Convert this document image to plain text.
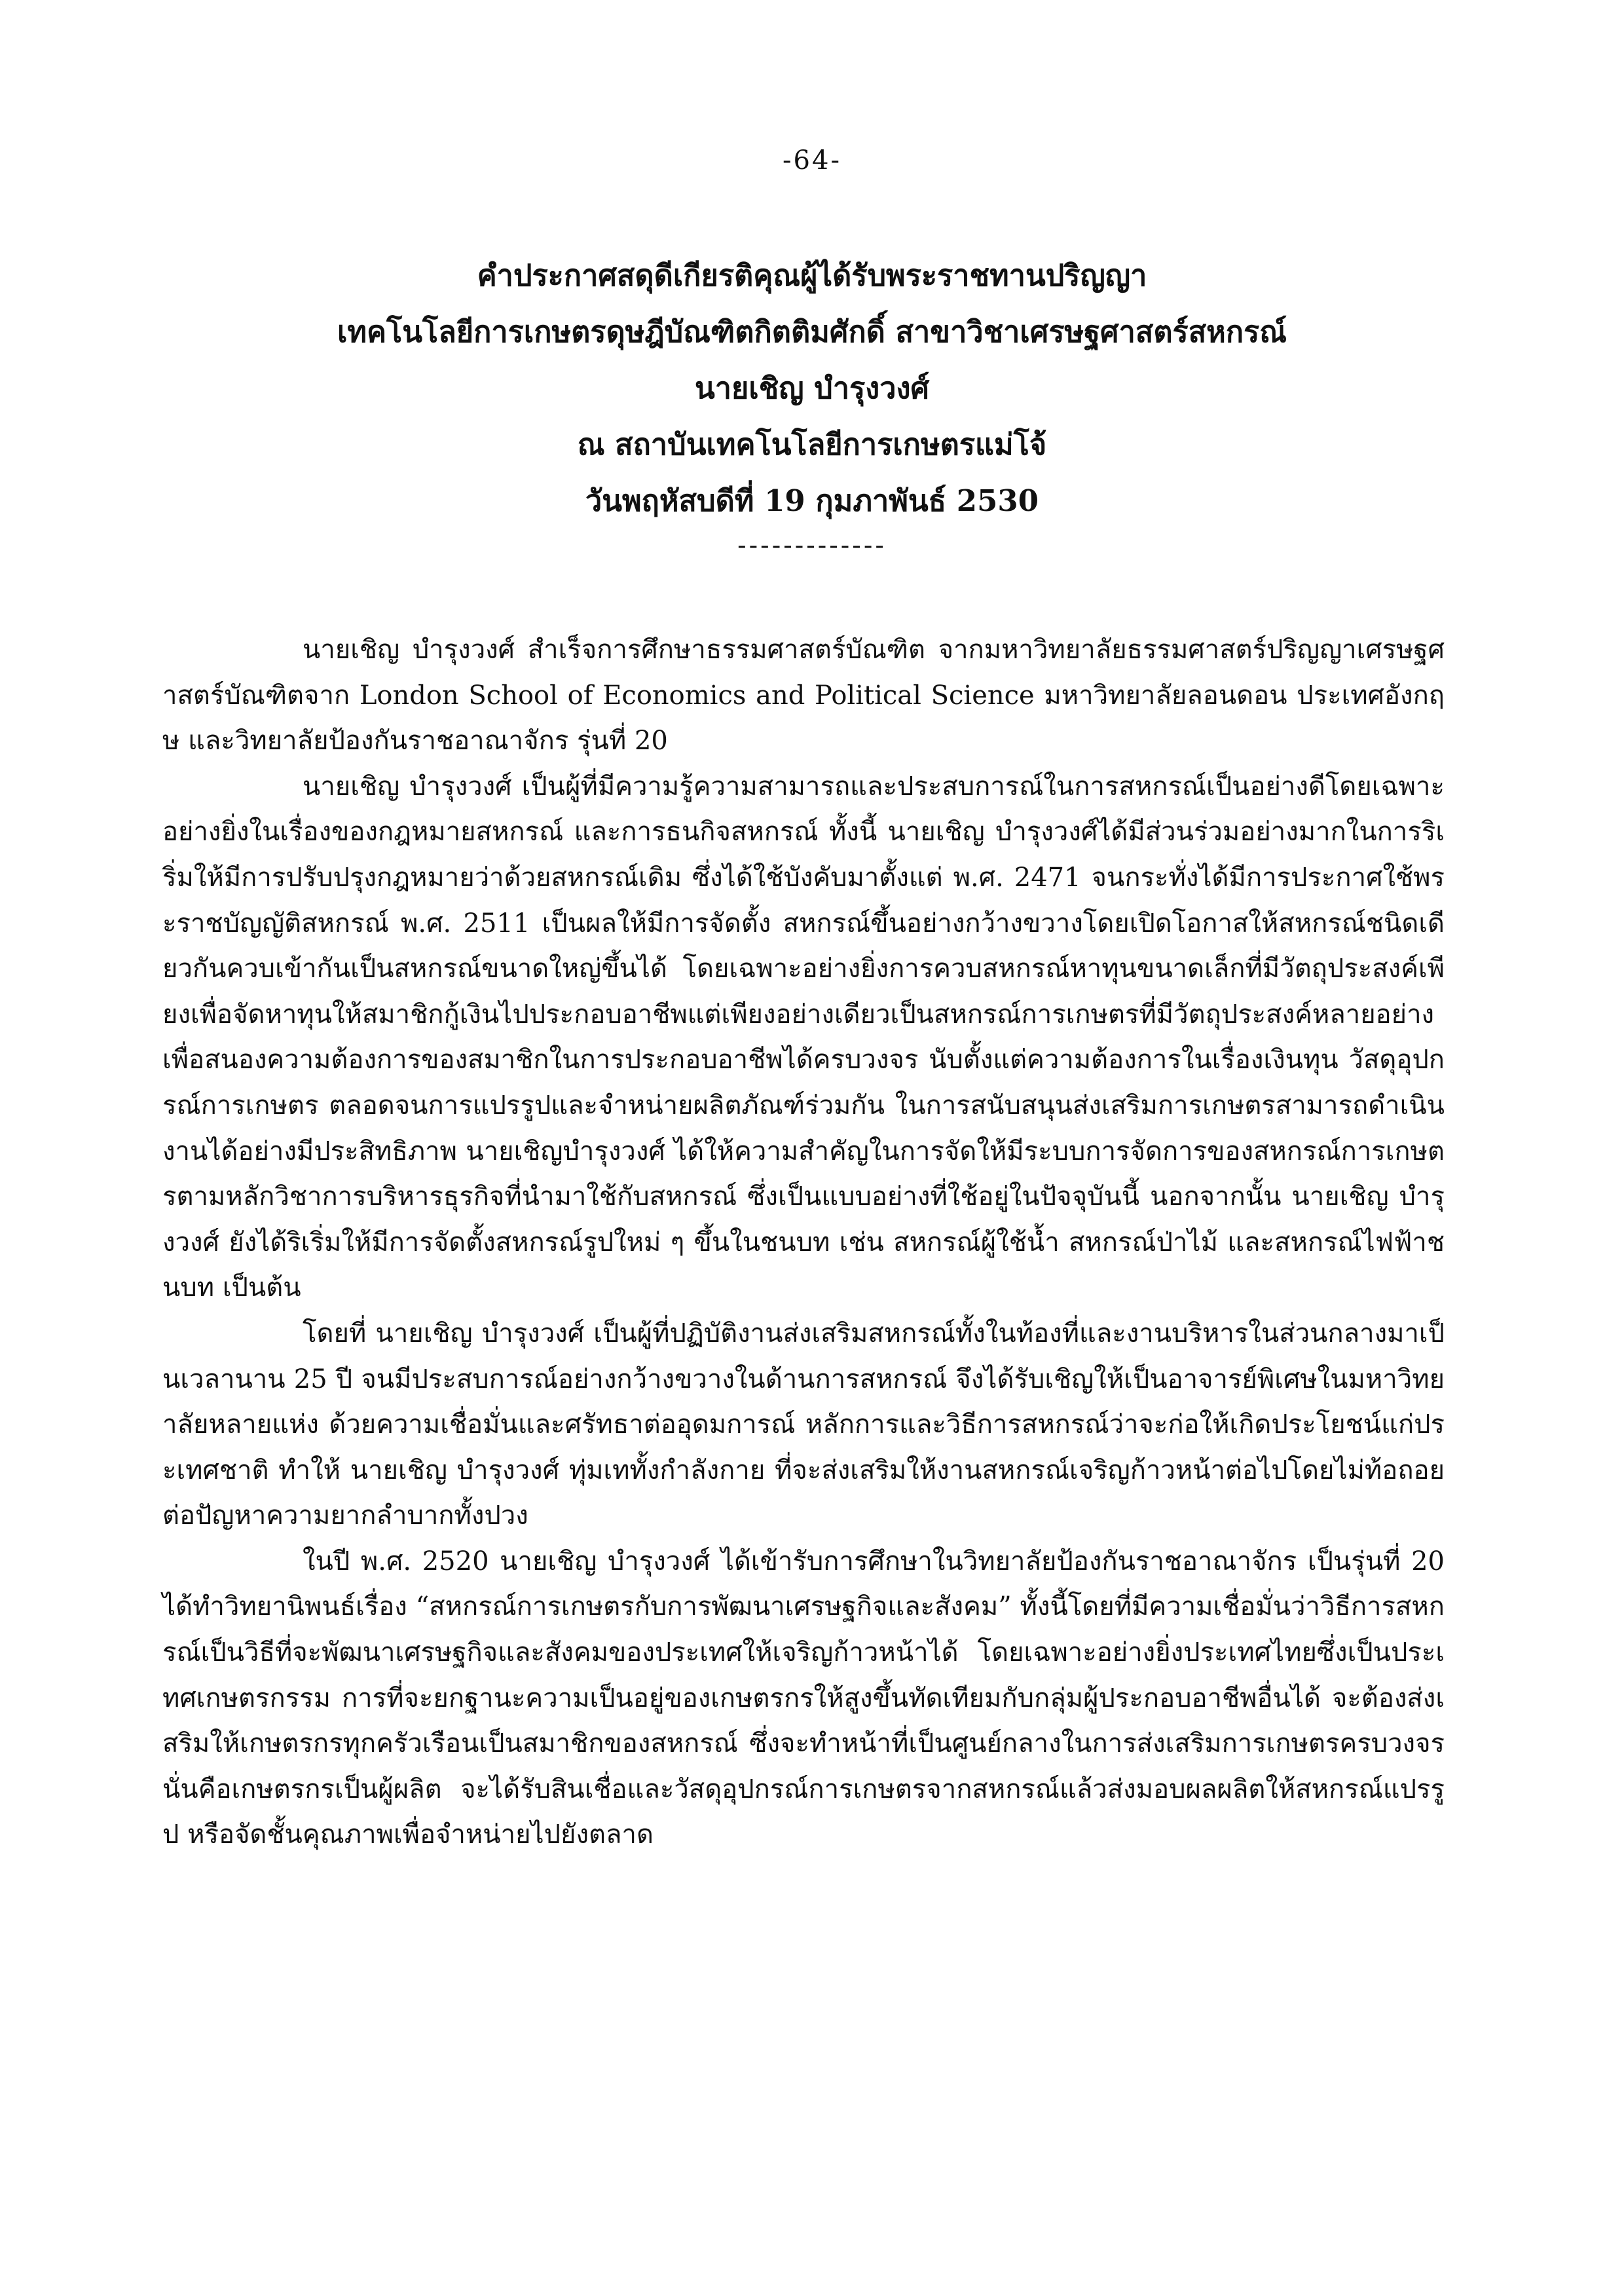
-64-
คำประกาศสดุดีเกียรติคุณผู้ได้รับพระราชทานปริญญา
เทคโนโลยีการเกษตรดุษฎีบัณฑิตกิตติมศักดิ์ สาขาวิชาเศรษฐศาสตร์สหกรณ์
นายเชิญ บำรุงวงศ์
ณ สถาบันเทคโนโลยีการเกษตรแม่โจ้
วันพฤหัสบดีที่ 19 กุมภาพันธ์ 2530
-------------

นายเชิญ บำรุงวงศ์ สำเร็จการศึกษาธรรมศาสตร์บัณฑิต จากมหาวิทยาลัยธรรมศาสตร์ปริญญาเศรษฐศาสตร์บัณฑิตจาก London School of Economics and Political Science มหาวิทยาลัยลอนดอน ประเทศอังกฤษ และวิทยาลัยป้องกันราชอาณาจักร รุ่นที่ 20

นายเชิญ บำรุงวงศ์ เป็นผู้ที่มีความรู้ความสามารถและประสบการณ์ในการสหกรณ์เป็นอย่างดีโดยเฉพาะอย่างยิ่งในเรื่องของกฎหมายสหกรณ์ และการธนกิจสหกรณ์ ทั้งนี้ นายเชิญ บำรุงวงศ์ได้มีส่วนร่วมอย่างมากในการริเริ่มให้มีการปรับปรุงกฎหมายว่าด้วยสหกรณ์เดิม ซึ่งได้ใช้บังคับมาตั้งแต่ พ.ศ. 2471 จนกระทั่งได้มีการประกาศใช้พระราชบัญญัติสหกรณ์ พ.ศ. 2511 เป็นผลให้มีการจัดตั้ง สหกรณ์ขึ้นอย่างกว้างขวางโดยเปิดโอกาสให้สหกรณ์ชนิดเดียวกันควบเข้ากันเป็นสหกรณ์ขนาดใหญ่ขึ้นได้ โดยเฉพาะอย่างยิ่งการควบสหกรณ์หาทุนขนาดเล็กที่มีวัตถุประสงค์เพียงเพื่อจัดหาทุนให้สมาชิกกู้เงินไปประกอบอาชีพแต่เพียงอย่างเดียวเป็นสหกรณ์การเกษตรที่มีวัตถุประสงค์หลายอย่าง เพื่อสนองความต้องการของสมาชิกในการประกอบอาชีพได้ครบวงจร นับตั้งแต่ความต้องการในเรื่องเงินทุน วัสดุอุปกรณ์การเกษตร ตลอดจนการแปรรูปและจำหน่ายผลิตภัณฑ์ร่วมกัน ในการสนับสนุนส่งเสริมการเกษตรสามารถดำเนินงานได้อย่างมีประสิทธิภาพ นายเชิญบำรุงวงศ์ ได้ให้ความสำคัญในการจัดให้มีระบบการจัดการของสหกรณ์การเกษตรตามหลักวิชาการบริหารธุรกิจที่นำมาใช้กับสหกรณ์ ซึ่งเป็นแบบอย่างที่ใช้อยู่ในปัจจุบันนี้ นอกจากนั้น นายเชิญ บำรุงวงศ์ ยังได้ริเริ่มให้มีการจัดตั้งสหกรณ์รูปใหม่ ๆ ขึ้นในชนบท เช่น สหกรณ์ผู้ใช้น้ำ สหกรณ์ป่าไม้ และสหกรณ์ไฟฟ้าชนบท เป็นต้น

โดยที่ นายเชิญ บำรุงวงศ์ เป็นผู้ที่ปฏิบัติงานส่งเสริมสหกรณ์ทั้งในท้องที่และงานบริหารในส่วนกลางมาเป็นเวลานาน 25 ปี จนมีประสบการณ์อย่างกว้างขวางในด้านการสหกรณ์ จึงได้รับเชิญให้เป็นอาจารย์พิเศษในมหาวิทยาลัยหลายแห่ง ด้วยความเชื่อมั่นและศรัทธาต่ออุดมการณ์ หลักการและวิธีการสหกรณ์ว่าจะก่อให้เกิดประโยชน์แก่ประเทศชาติ ทำให้ นายเชิญ บำรุงวงศ์ ทุ่มเททั้งกำลังกาย ที่จะส่งเสริมให้งานสหกรณ์เจริญก้าวหน้าต่อไปโดยไม่ท้อถอยต่อปัญหาความยากลำบากทั้งปวง

ในปี พ.ศ. 2520 นายเชิญ บำรุงวงศ์ ได้เข้ารับการศึกษาในวิทยาลัยป้องกันราชอาณาจักร เป็นรุ่นที่ 20 ได้ทำวิทยานิพนธ์เรื่อง “สหกรณ์การเกษตรกับการพัฒนาเศรษฐกิจและสังคม” ทั้งนี้โดยที่มีความเชื่อมั่นว่าวิธีการสหกรณ์เป็นวิธีที่จะพัฒนาเศรษฐกิจและสังคมของประเทศให้เจริญก้าวหน้าได้ โดยเฉพาะอย่างยิ่งประเทศไทยซึ่งเป็นประเทศเกษตรกรรม การที่จะยกฐานะความเป็นอยู่ของเกษตรกรให้สูงขึ้นทัดเทียมกับกลุ่มผู้ประกอบอาชีพอื่นได้ จะต้องส่งเสริมให้เกษตรกรทุกครัวเรือนเป็นสมาชิกของสหกรณ์ ซึ่งจะทำหน้าที่เป็นศูนย์กลางในการส่งเสริมการเกษตรครบวงจร นั่นคือเกษตรกรเป็นผู้ผลิต จะได้รับสินเชื่อและวัสดุอุปกรณ์การเกษตรจากสหกรณ์แล้วส่งมอบผลผลิตให้สหกรณ์แปรรูป หรือจัดชั้นคุณภาพเพื่อจำหน่ายไปยังตลาด
